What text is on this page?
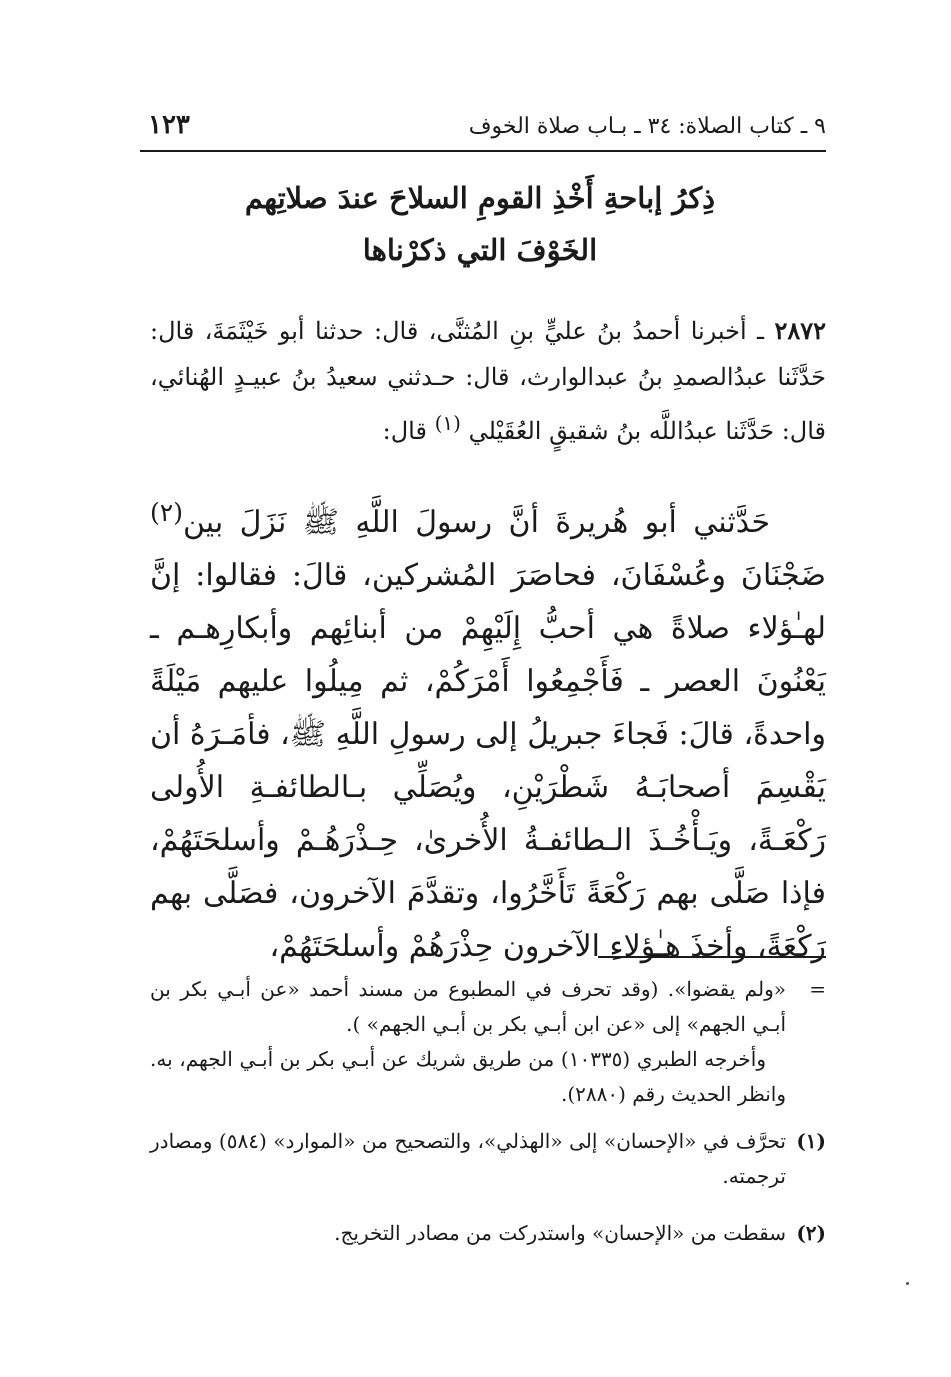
٩ ـ كتاب الصلاة: ٣٤ ـ بـاب صلاة الخوف
١٢٣
ذِكرُ إباحةِ أَخْذِ القومِ السلاحَ عندَ صلاتِهم
الخَوْفَ التي ذكرْناها
٢٨٧٢ ـ أخبرنا أحمدُ بنُ عليٍّ بنِ المُثنَّى، قال: حدثنا أبو خَيْثَمَةَ، قال: حَدَّثَنا عبدُالصمدِ بنُ عبدالوارث، قال: حـدثني سعيدُ بنُ عبيـدٍ الهُنائي، قال: حَدَّثَنا عبدُاللَّه بنُ شقيقٍ العُقَيْلي $^{(١)}$ قال:
حَدَّثني أبو هُريرةَ أنَّ رسولَ اللَّهِ ﷺ نَزَلَ بين$^{(٢)}$ ضَجْنَانَ وعُسْفَانَ، فحاصَرَ المُشركين، قالَ: فقالوا: إنَّ لهـٰؤلاء صلاةً هي أحبُّ إِلَيْهِمْ من أبنائِهم وأبكارِهـم ـ يَعْنُونَ العصر ـ فَأَجْمِعُوا أَمْرَكُمْ، ثم مِيلُوا عليهم مَيْلَةً واحدةً، قالَ: فَجاءَ جبريلُ إلى رسولِ اللَّهِ ﷺ، فأمَـرَهُ أن يَقْسِمَ أصحابَـهُ شَطْرَيْنِ، ويُصَلِّي بـالطائفـةِ الأُولى رَكْعَـةً، ويَـأْخُـذَ الـطائفـةُ الأُخرىٰ، حِـذْرَهُـمْ وأسلحَتَهُمْ، فإذا صَلَّى بهم رَكْعَةً تَأَخَّرُوا، وتقدَّمَ الآخرون، فصَلَّى بهم رَكْعَةً، وأخذَ هـٰؤلاءِ الآخرون حِذْرَهُمْ وأسلحَتَهُمْ،
=

«ولم يقضوا». (وقد تحرف في المطبوع من مسند أحمد «عن أبـي بكر بن أبـي الجهم» إلى «عن ابن أبـي بكر بن أبـي الجهم» ).

وأخرجه الطبري (١٠٣٣٥) من طريق شريك عن أبـي بكر بن أبـي الجهم، به. وانظر الحديث رقم (٢٨٨٠).

(١)
تحرَّف في «الإحسان» إلى «الهذلي»، والتصحيح من «الموارد» (٥٨٤) ومصادر ترجمته.
(٢)
سقطت من «الإحسان» واستدركت من مصادر التخريج.
